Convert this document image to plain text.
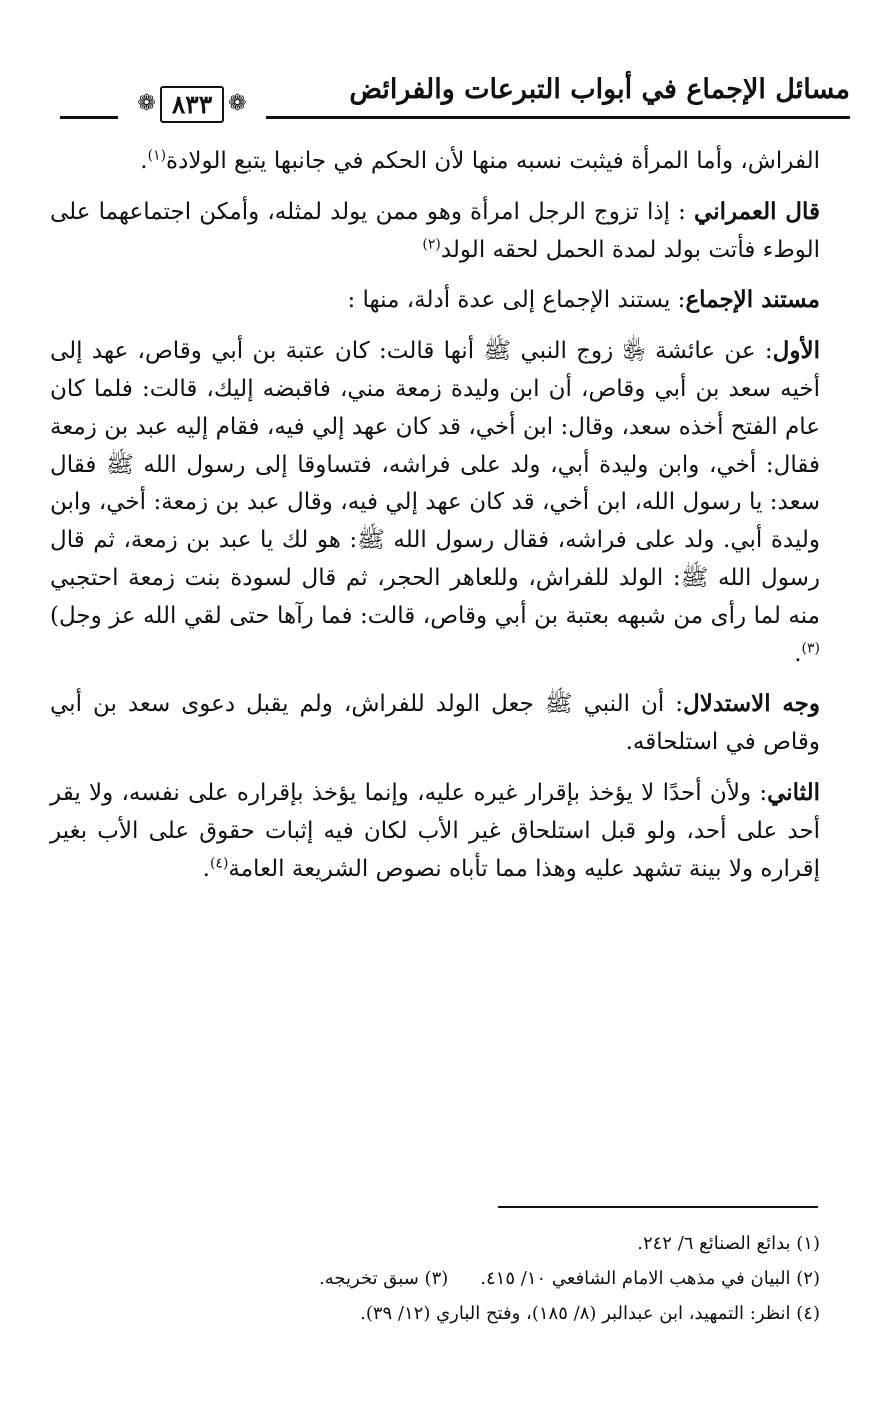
مسائل الإجماع في أبواب التبرعات والفرائض
❁ ٨٣٣ ❁

الفراش، وأما المرأة فيثبت نسبه منها لأن الحكم في جانبها يتبع الولادة$^{(١)}$.

قال العمراني : إذا تزوج الرجل امرأة وهو ممن يولد لمثله، وأمكن اجتماعهما على الوطء فأتت بولد لمدة الحمل لحقه الولد$^{(٢)}$

مستند الإجماع: يستند الإجماع إلى عدة أدلة، منها :

الأول: عن عائشة ﵂ زوج النبي ﷺ أنها قالت: كان عتبة بن أبي وقاص، عهد إلى أخيه سعد بن أبي وقاص، أن ابن وليدة زمعة مني، فاقبضه إليك، قالت: فلما كان عام الفتح أخذه سعد، وقال: ابن أخي، قد كان عهد إلي فيه، فقام إليه عبد بن زمعة فقال: أخي، وابن وليدة أبي، ولد على فراشه، فتساوقا إلى رسول الله ﷺ فقال سعد: يا رسول الله، ابن أخي، قد كان عهد إلي فيه، وقال عبد بن زمعة: أخي، وابن وليدة أبي. ولد على فراشه، فقال رسول الله ﷺ: هو لك يا عبد بن زمعة، ثم قال رسول الله ﷺ: الولد للفراش، وللعاهر الحجر، ثم قال لسودة بنت زمعة احتجبي منه لما رأى من شبهه بعتبة بن أبي وقاص، قالت: فما رآها حتى لقي الله عز وجل)$^{(٣)}$.

وجه الاستدلال: أن النبي ﷺ جعل الولد للفراش، ولم يقبل دعوى سعد بن أبي وقاص في استلحاقه.

الثاني: ولأن أحدًا لا يؤخذ بإقرار غيره عليه، وإنما يؤخذ بإقراره على نفسه، ولا يقر أحد على أحد، ولو قبل استلحاق غير الأب لكان فيه إثبات حقوق على الأب بغير إقراره ولا بينة تشهد عليه وهذا مما تأباه نصوص الشريعة العامة$^{(٤)}$.

(١) بدائع الصنائع ٦/ ٢٤٢.
(٢) البيان في مذهب الامام الشافعي ١٠/ ٤١٥.(٣) سبق تخريجه.
(٤) انظر: التمهيد، ابن عبدالبر (٨/ ١٨٥)، وفتح الباري (١٢/ ٣٩).
